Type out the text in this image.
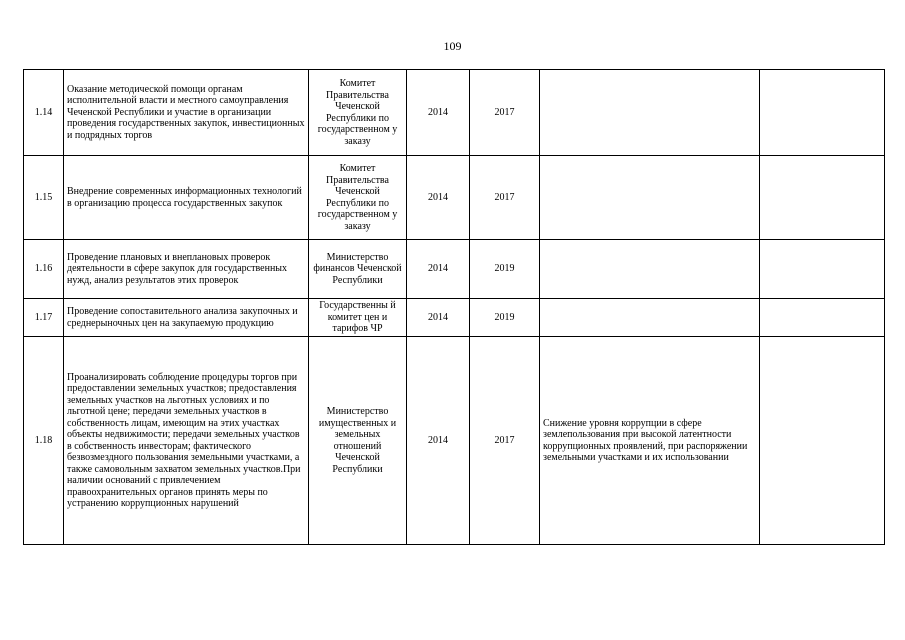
109
1.14	Оказание методической помощи органам исполнительной власти и местного самоуправления Чеченской Республики и участие в организации проведения государственных закупок, инвестиционных и подрядных торгов	Комитет Правительства Чеченской Республики по государственном у заказу	2014	2017		
1.15	Внедрение современных информационных технологий в организацию процесса государственных закупок	Комитет Правительства Чеченской Республики по государственном у заказу	2014	2017		
1.16	Проведение плановых и внеплановых проверок деятельности в сфере закупок для государственных нужд, анализ результатов этих проверок	Министерство финансов Чеченской Республики	2014	2019		
1.17	Проведение сопоставительного анализа закупочных и среднерыночных цен на закупаемую продукцию	Государственны й комитет цен и тарифов ЧР	2014	2019		
1.18	Проанализировать соблюдение процедуры торгов при предоставлении земельных участков; предоставления земельных участков на льготных условиях и по льготной цене; передачи земельных участков в собственность лицам, имеющим на этих участках объекты недвижимости; передачи земельных участков в собственность инвесторам; фактического безвозмездного пользования земельными участками, а также самовольным захватом земельных участков.При наличии оснований с привлечением правоохранительных органов принять меры по устранению коррупционных нарушений	Министерство имущественных и земельных отношений Чеченской Республики	2014	2017	Снижение уровня коррупции в сфере землепользования при высокой латентности коррупционных проявлений, при распоряжении земельными участками и их использовании	
